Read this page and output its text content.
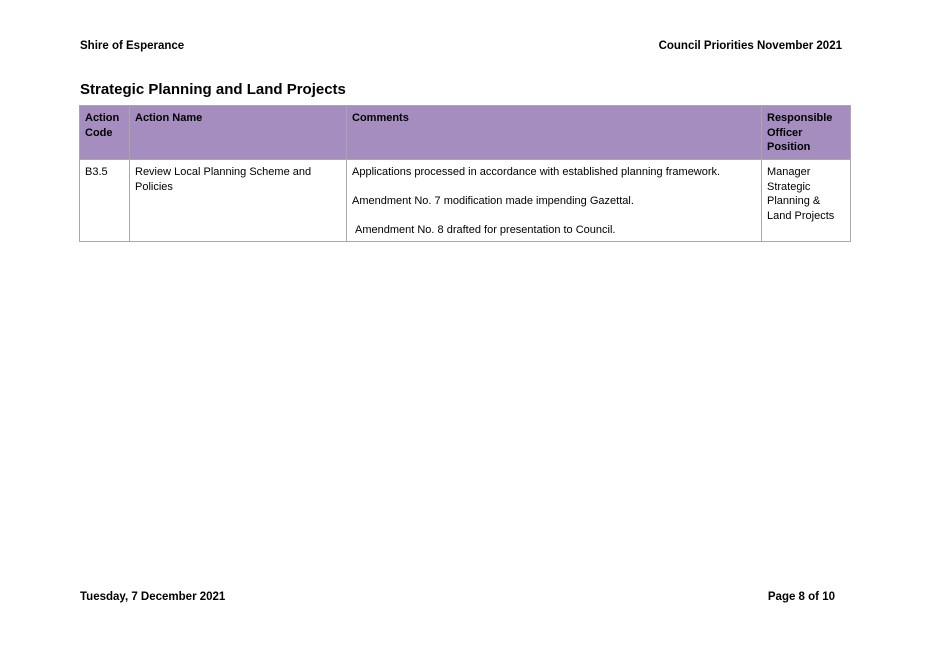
Shire of Esperance	Council Priorities November 2021
Strategic Planning and Land Projects
Action Code	Action Name	Comments	Responsible Officer Position
B3.5	Review Local Planning Scheme and Policies	Applications processed in accordance with established planning framework.
Amendment No. 7 modification made impending Gazettal.
Amendment No. 8 drafted for presentation to Council.	Manager Strategic Planning & Land Projects
Tuesday, 7 December 2021	Page 8 of 10
